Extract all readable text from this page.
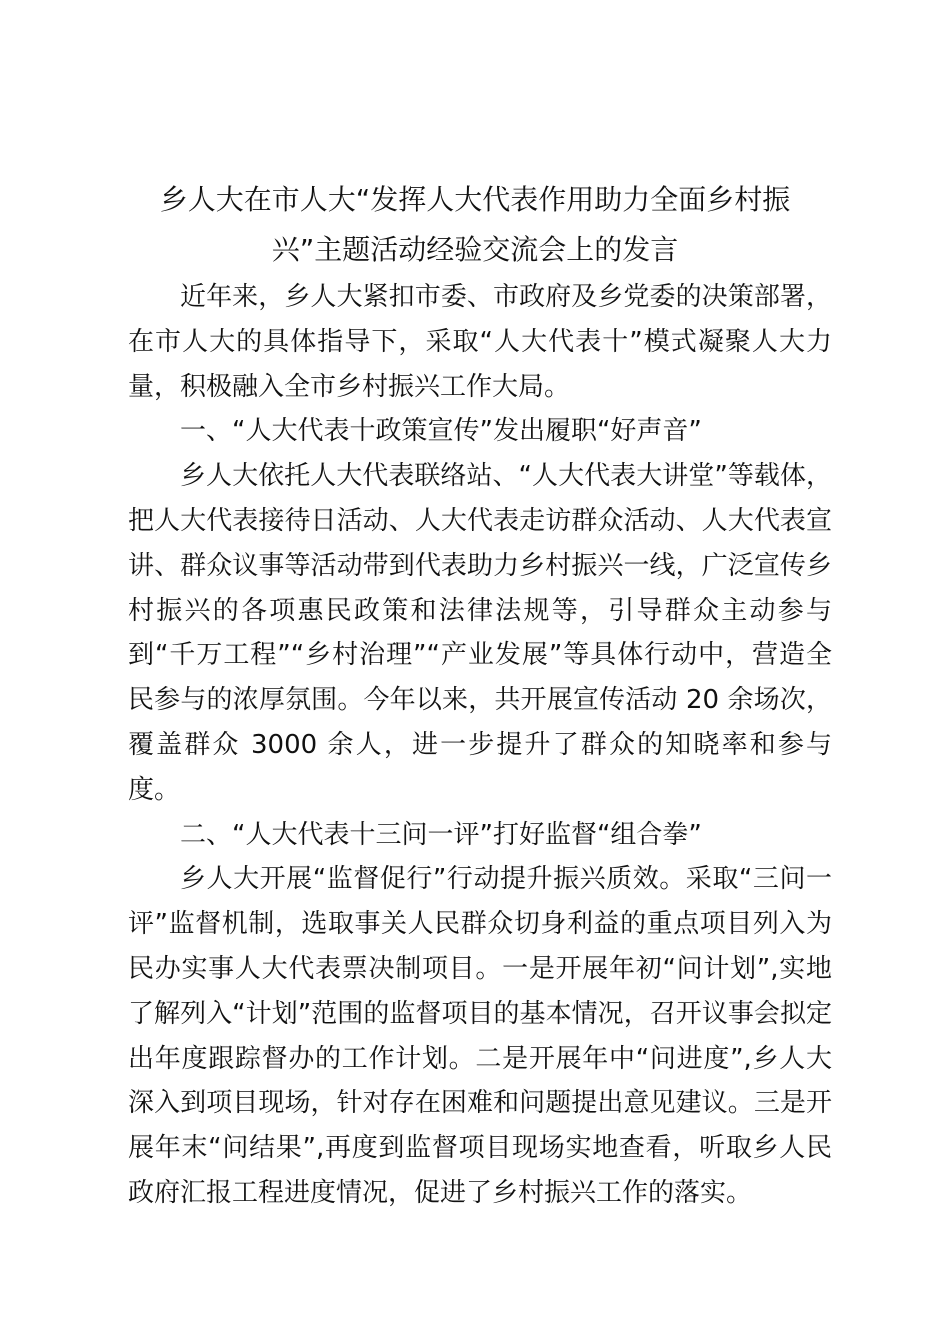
乡人大在市人大“发挥人大代表作用助力全面乡村振
兴”主题活动经验交流会上的发言

近年来，乡人大紧扣市委、市政府及乡党委的决策部署，在市人大的具体指导下，采取“人大代表十”模式凝聚人大力量，积极融入全市乡村振兴工作大局。

一、“人大代表十政策宣传”发出履职“好声音”

乡人大依托人大代表联络站、“人大代表大讲堂”等载体，把人大代表接待日活动、人大代表走访群众活动、人大代表宣讲、群众议事等活动带到代表助力乡村振兴一线，广泛宣传乡村振兴的各项惠民政策和法律法规等，引导群众主动参与到“千万工程”“乡村治理”“产业发展”等具体行动中，营造全民参与的浓厚氛围。今年以来，共开展宣传活动 20 余场次，覆盖群众 3000 余人，进一步提升了群众的知晓率和参与度。

二、“人大代表十三问一评”打好监督“组合拳”

乡人大开展“监督促行”行动提升振兴质效。采取“三问一评”监督机制，选取事关人民群众切身利益的重点项目列入为民办实事人大代表票决制项目。一是开展年初“问计划”,实地了解列入“计划”范围的监督项目的基本情况，召开议事会拟定出年度跟踪督办的工作计划。二是开展年中“问进度”,乡人大深入到项目现场，针对存在困难和问题提出意见建议。三是开展年末“问结果”,再度到监督项目现场实地查看，听取乡人民政府汇报工程进度情况，促进了乡村振兴工作的落实。
